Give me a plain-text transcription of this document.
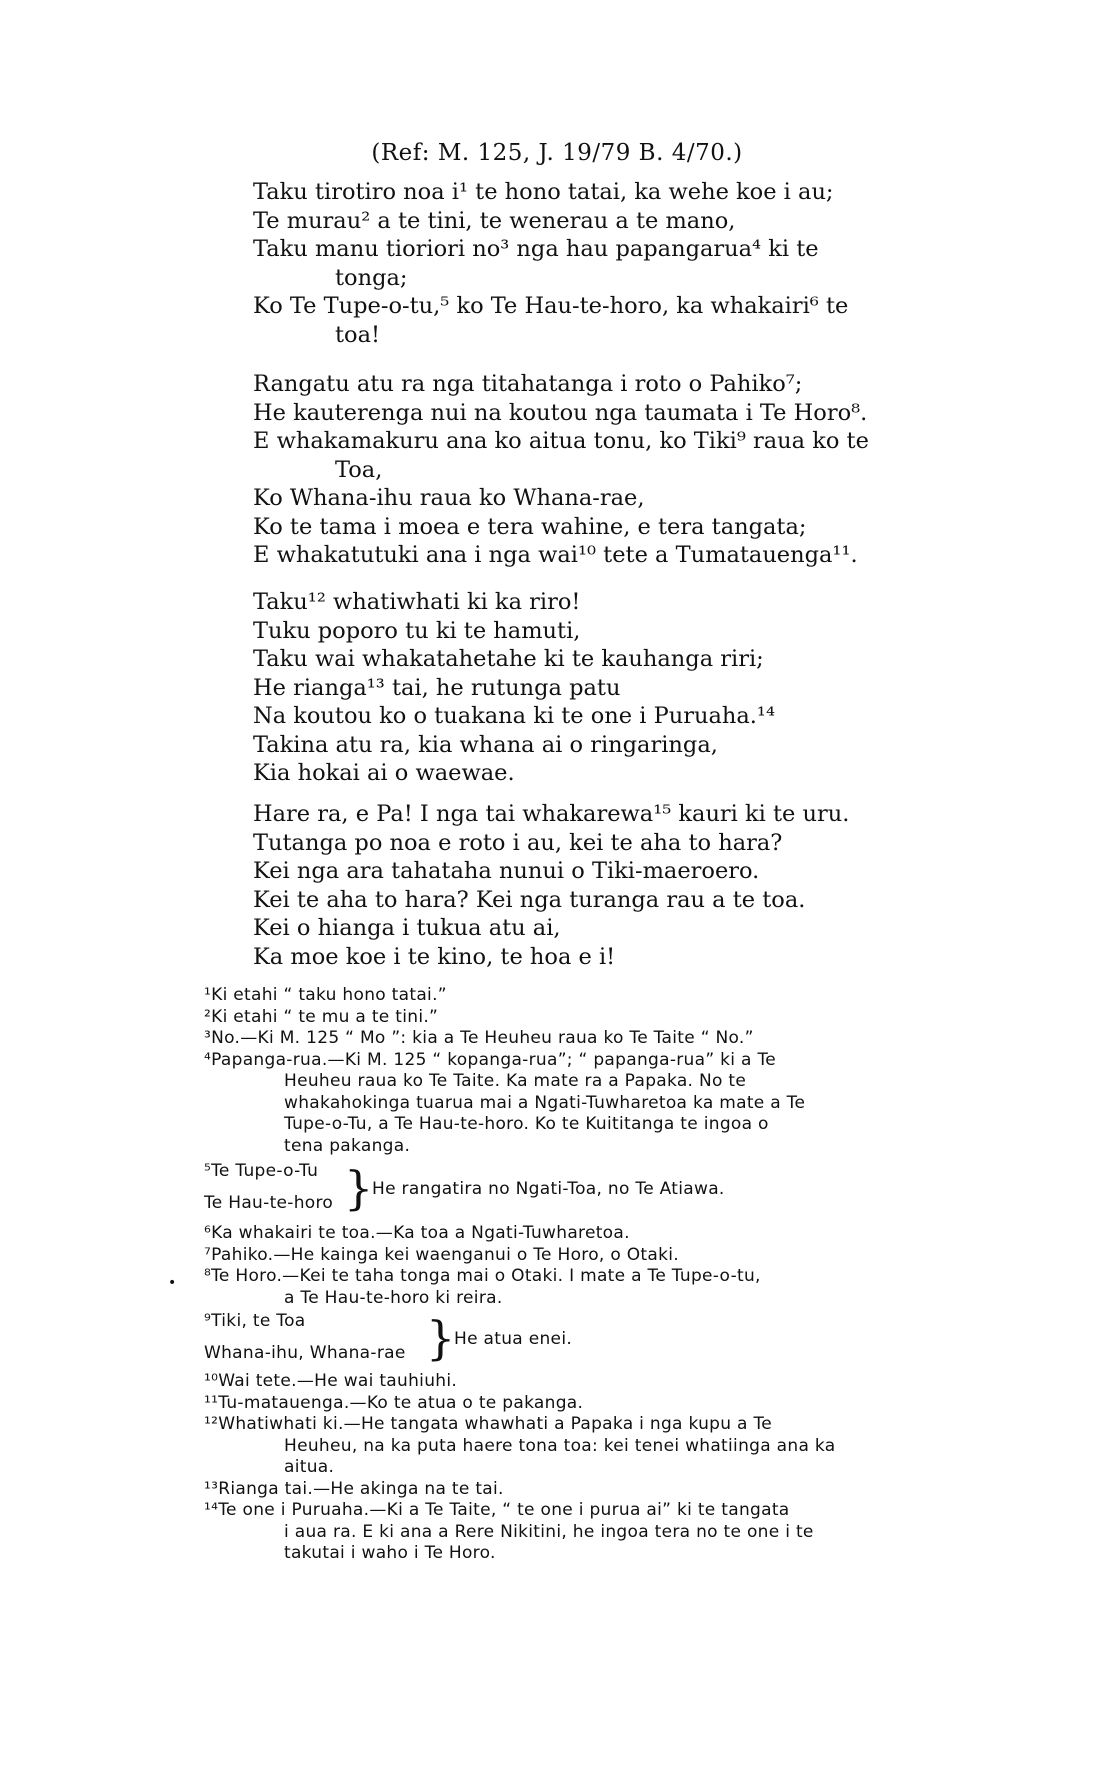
(Ref: M. 125, J. 19/79 B. 4/70.)
Taku tirotiro noa i¹ te hono tatai, ka wehe koe i au;
Te murau² a te tini, te wenerau a te mano,
Taku manu tioriori no³ nga hau papangarua⁴ ki te
tonga;
Ko Te Tupe-o-tu,⁵ ko Te Hau-te-horo, ka whakairi⁶ te
toa!
Rangatu atu ra nga titahatanga i roto o Pahiko⁷;
He kauterenga nui na koutou nga taumata i Te Horo⁸.
E whakamakuru ana ko aitua tonu, ko Tiki⁹ raua ko te
Toa,
Ko Whana-ihu raua ko Whana-rae,
Ko te tama i moea e tera wahine, e tera tangata;
E whakatutuki ana i nga wai¹⁰ tete a Tumatauenga¹¹.
Taku¹² whatiwhati ki ka riro!
Tuku poporo tu ki te hamuti,
Taku wai whakatahetahe ki te kauhanga riri;
He rianga¹³ tai, he rutunga patu
Na koutou ko o tuakana ki te one i Puruaha.¹⁴
Takina atu ra, kia whana ai o ringaringa,
Kia hokai ai o waewae.
Hare ra, e Pa! I nga tai whakarewa¹⁵ kauri ki te uru.
Tutanga po noa e roto i au, kei te aha to hara?
Kei nga ara tahataha nunui o Tiki-maeroero.
Kei te aha to hara? Kei nga turanga rau a te toa.
Kei o hianga i tukua atu ai,
Ka moe koe i te kino, te hoa e i!
¹Ki etahi “ taku hono tatai.”
²Ki etahi “ te mu a te tini.”
³No.—Ki M. 125 “ Mo ”: kia a Te Heuheu raua ko Te Taite “ No.”
⁴Papanga-rua.—Ki M. 125 “ kopanga-rua”; “ papanga-rua” ki a Te
Heuheu raua ko Te Taite. Ka mate ra a Papaka. No te
whakahokinga tuarua mai a Ngati-Tuwharetoa ka mate a Te
Tupe-o-Tu, a Te Hau-te-horo. Ko te Kuititanga te ingoa o
tena pakanga.
⁵Te Tupe-o-Tu
Te Hau-te-horo }
He rangatira no Ngati-Toa, no Te Atiawa.
⁶Ka whakairi te toa.—Ka toa a Ngati-Tuwharetoa.
⁷Pahiko.—He kainga kei waenganui o Te Horo, o Otaki.
⁸Te Horo.—Kei te taha tonga mai o Otaki. I mate a Te Tupe-o-tu,
a Te Hau-te-horo ki reira.
⁹Tiki, te Toa
Whana-ihu, Whana-rae }
He atua enei.
¹⁰Wai tete.—He wai tauhiuhi.
¹¹Tu-matauenga.—Ko te atua o te pakanga.
¹²Whatiwhati ki.—He tangata whawhati a Papaka i nga kupu a Te
Heuheu, na ka puta haere tona toa: kei tenei whatiinga ana ka
aitua.
¹³Rianga tai.—He akinga na te tai.
¹⁴Te one i Puruaha.—Ki a Te Taite, “ te one i purua ai” ki te tangata
i aua ra. E ki ana a Rere Nikitini, he ingoa tera no te one i te
takutai i waho i Te Horo.
•
